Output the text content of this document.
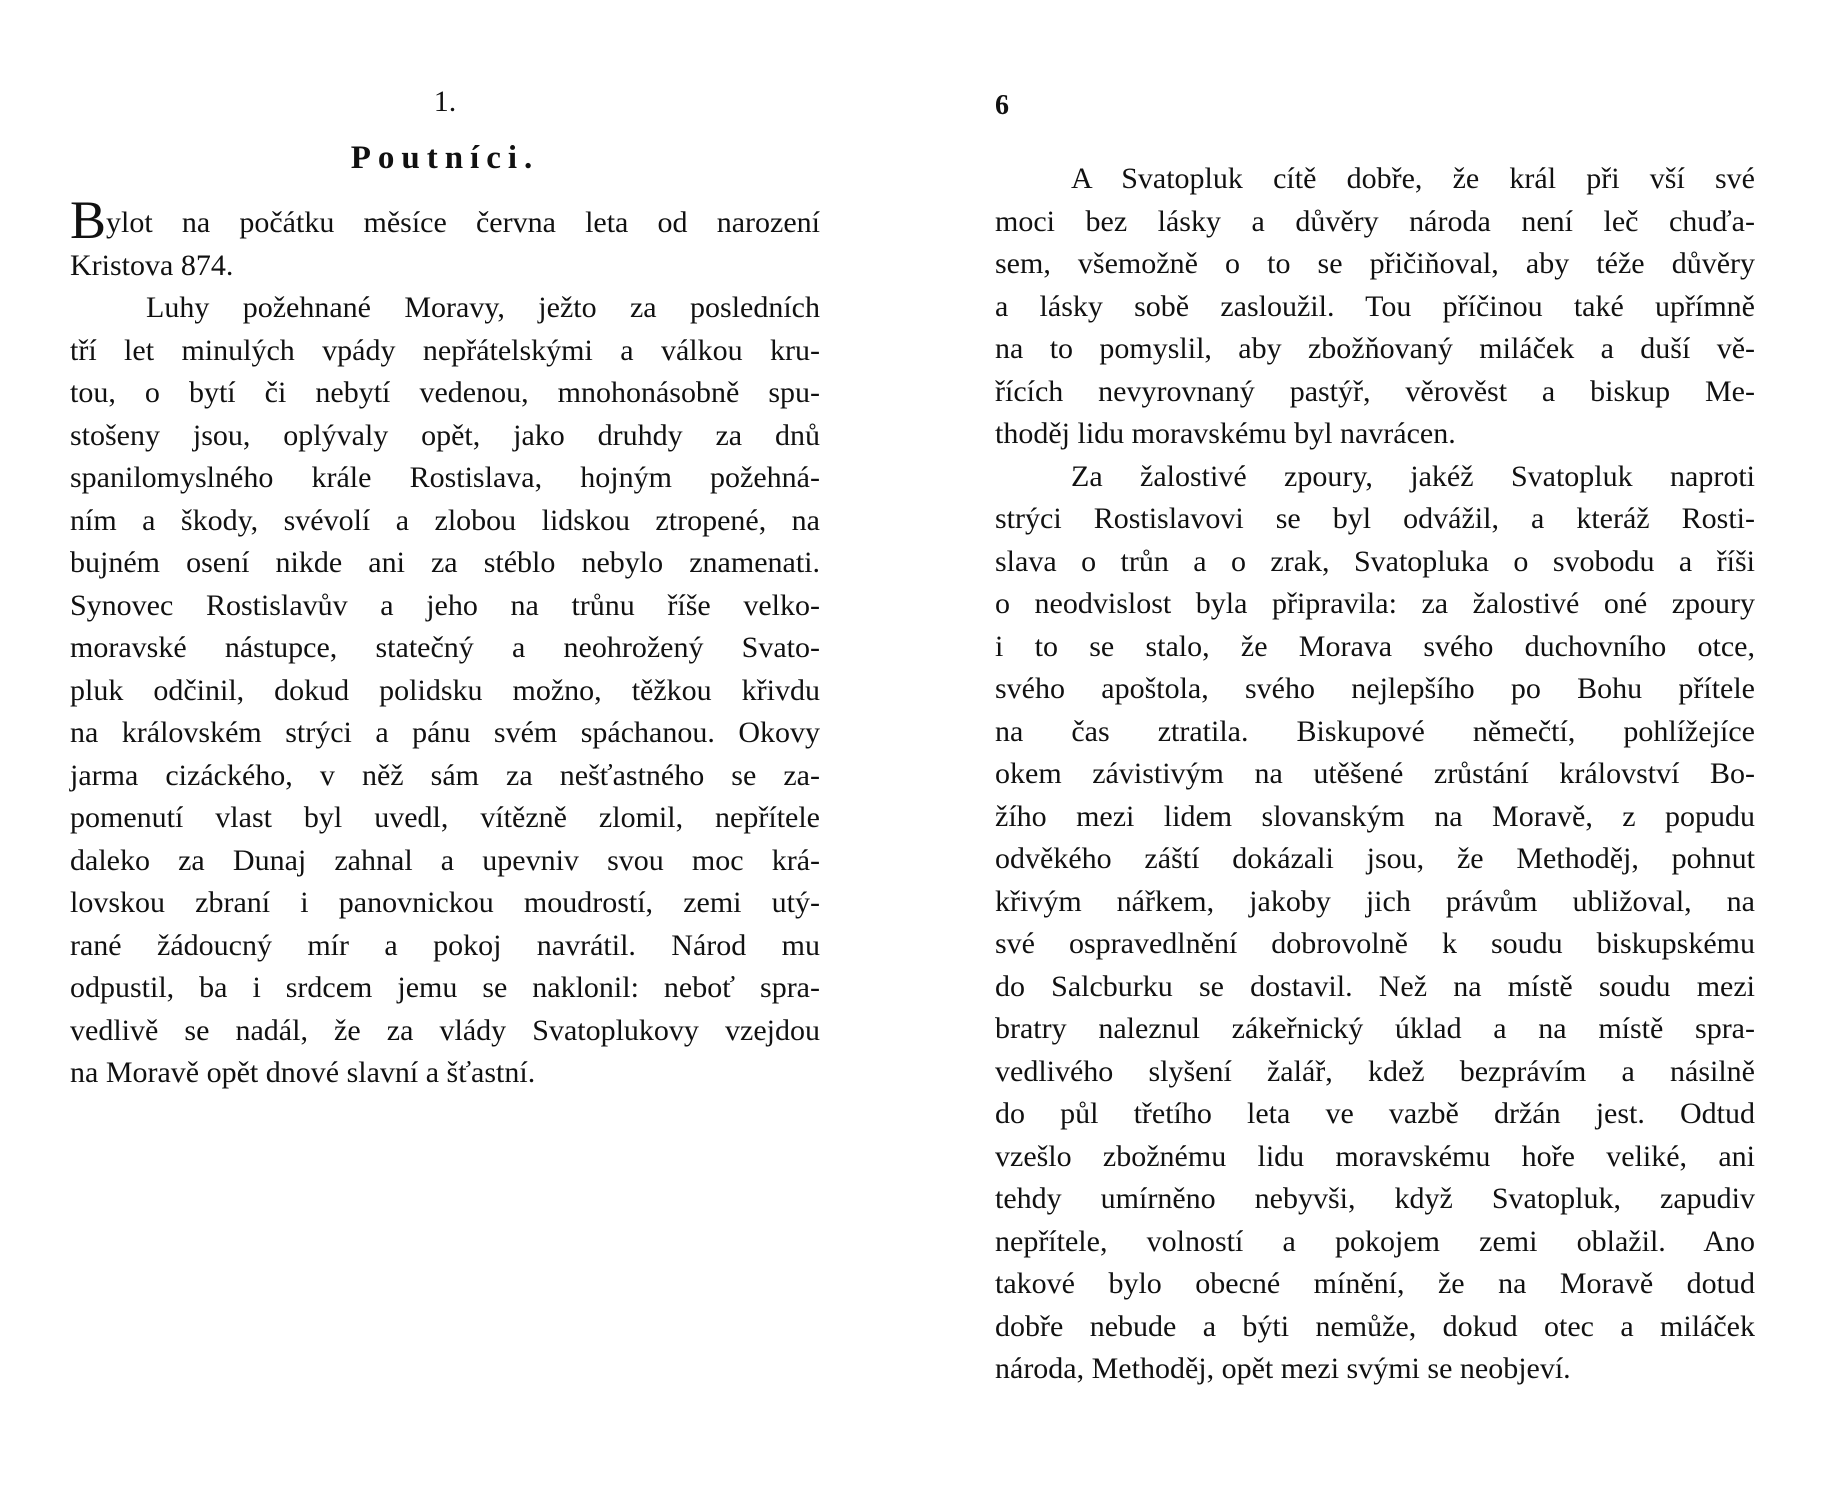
1.
Poutníci.
Bylot na počátku měsíce června leta od narození
Kristova 874.
Luhy požehnané Moravy, ježto za posledních
tří let minulých vpády nepřátelskými a válkou kru-
tou, o bytí či nebytí vedenou, mnohonásobně spu-
stošeny jsou, oplývaly opět, jako druhdy za dnů
spanilomyslného krále Rostislava, hojným požehná-
ním a škody, svévolí a zlobou lidskou ztropené, na
bujném osení nikde ani za stéblo nebylo znamenati.
Synovec Rostislavův a jeho na trůnu říše velko-
moravské nástupce, statečný a neohrožený Svato-
pluk odčinil, dokud polidsku možno, těžkou křivdu
na královském strýci a pánu svém spáchanou. Okovy
jarma cizáckého, v něž sám za nešťastného se za-
pomenutí vlast byl uvedl, vítězně zlomil, nepřítele
daleko za Dunaj zahnal a upevniv svou moc krá-
lovskou zbraní i panovnickou moudrostí, zemi utý-
rané žádoucný mír a pokoj navrátil. Národ mu
odpustil, ba i srdcem jemu se naklonil: neboť spra-
vedlivě se nadál, že za vlády Svatoplukovy vzejdou
na Moravě opět dnové slavní a šťastní.
6
A Svatopluk cítě dobře, že král při vší své
moci bez lásky a důvěry národa není leč chuďa-
sem, všemožně o to se přičiňoval, aby téže důvěry
a lásky sobě zasloužil. Tou příčinou také upřímně
na to pomyslil, aby zbožňovaný miláček a duší vě-
řících nevyrovnaný pastýř, věrověst a biskup Me-
thoděj lidu moravskému byl navrácen.
Za žalostivé zpoury, jakéž Svatopluk naproti
strýci Rostislavovi se byl odvážil, a kteráž Rosti-
slava o trůn a o zrak, Svatopluka o svobodu a říši
o neodvislost byla připravila: za žalostivé oné zpoury
i to se stalo, že Morava svého duchovního otce,
svého apoštola, svého nejlepšího po Bohu přítele
na čas ztratila. Biskupové němečtí, pohlížejíce
okem závistivým na utěšené zrůstání království Bo-
žího mezi lidem slovanským na Moravě, z popudu
odvěkého záští dokázali jsou, že Methoděj, pohnut
křivým nářkem, jakoby jich právům ubližoval, na
své ospravedlnění dobrovolně k soudu biskupskému
do Salcburku se dostavil. Než na místě soudu mezi
bratry naleznul zákeřnický úklad a na místě spra-
vedlivého slyšení žalář, kdež bezprávím a násilně
do půl třetího leta ve vazbě držán jest. Odtud
vzešlo zbožnému lidu moravskému hoře veliké, ani
tehdy umírněno nebyvši, když Svatopluk, zapudiv
nepřítele, volností a pokojem zemi oblažil. Ano
takové bylo obecné mínění, že na Moravě dotud
dobře nebude a býti nemůže, dokud otec a miláček
národa, Methoděj, opět mezi svými se neobjeví.
